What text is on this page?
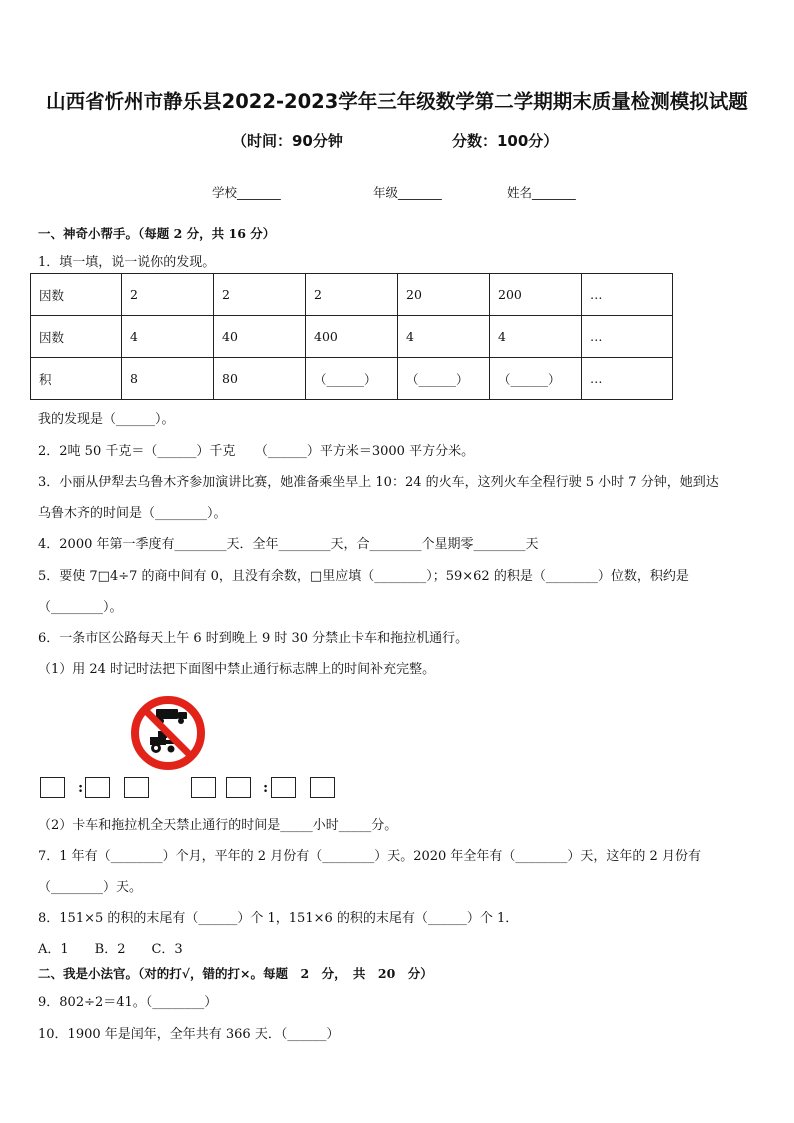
山西省忻州市静乐县2022-2023学年三年级数学第二学期期末质量检测模拟试题
（时间：90分钟	分数：100分）
学校_______	年级_______	姓名_______
一、神奇小帮手。（每题 2 分，共 16 分）
1．填一填，说一说你的发现。
因数	2	2	2	20	200	…
因数	4	40	400	4	4	…
积	8	80	（______）	（______）	（______）	…
我的发现是（______）。
2．2吨 50 千克＝（______）千克　　（______）平方米＝3000 平方分米。
3．小丽从伊犁去乌鲁木齐参加演讲比赛，她准备乘坐早上 10：24 的火车，这列火车全程行驶 5 小时 7 分钟，她到达
乌鲁木齐的时间是（________）。
4．2000 年第一季度有________天．全年________天，合________个星期零________天
5．要使 7□4÷7 的商中间有 0，且没有余数，□里应填（________）；59×62 的积是（________）位数，积约是
（________）。
6．一条市区公路每天上午 6 时到晚上 9 时 30 分禁止卡车和拖拉机通行。
（1）用 24 时记时法把下面图中禁止通行标志牌上的时间补充完整。
:	:
（2）卡车和拖拉机全天禁止通行的时间是_____小时_____分。
7．1 年有（________）个月，平年的 2 月份有（________）天。2020 年全年有（________）天，这年的 2 月份有
（________）天。
8．151×5 的积的末尾有（______）个 1，151×6 的积的末尾有（______）个 1．
A．1　　B．2　　C．3
二、我是小法官。（对的打√，错的打×。每题　2　分，　共　20　分）
9．802÷2＝41。（________）
10．1900 年是闰年，全年共有 366 天．（______）
